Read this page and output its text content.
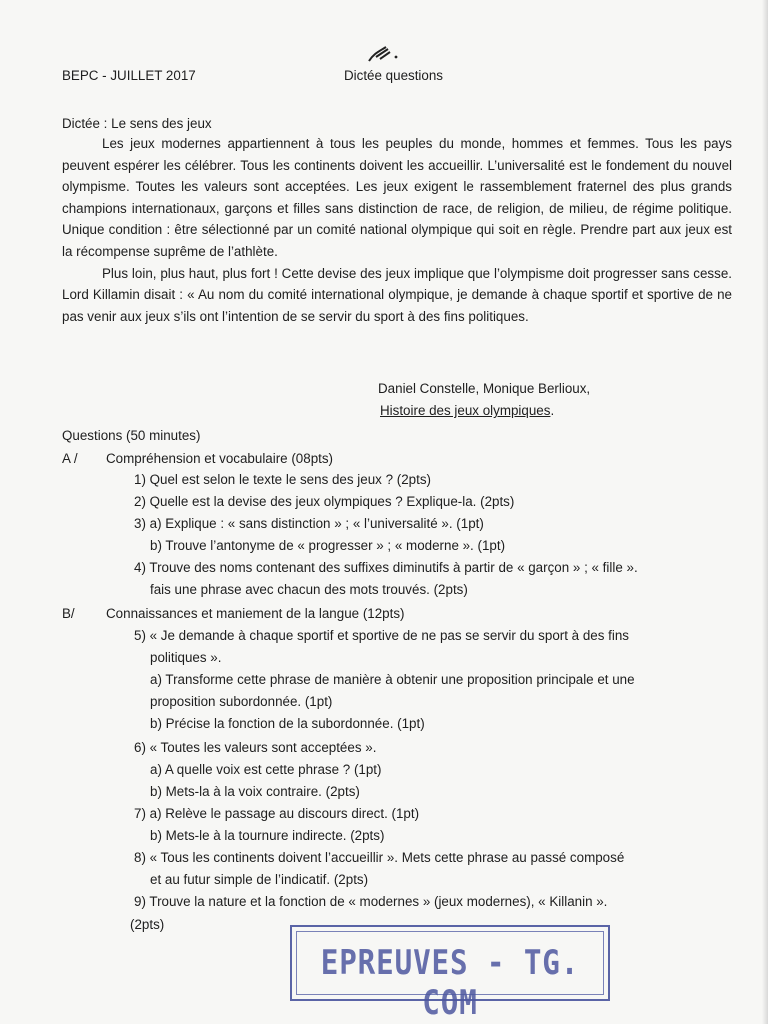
BEPC - JUILLET 2017	Dictée questions
Dictée : Le sens des jeux

Les jeux modernes appartiennent à tous les peuples du monde, hommes et femmes. Tous les pays peuvent espérer les célébrer. Tous les continents doivent les accueillir. L’universalité est le fondement du nouvel olympisme. Toutes les valeurs sont acceptées. Les jeux exigent le rassemblement fraternel des plus grands champions internationaux, garçons et filles sans distinction de race, de religion, de milieu, de régime politique. Unique condition : être sélectionné par un comité national olympique qui soit en règle. Prendre part aux jeux est la récompense suprême de l’athlète.

Plus loin, plus haut, plus fort ! Cette devise des jeux implique que l’olympisme doit progresser sans cesse. Lord Killamin disait : « Au nom du comité international olympique, je demande à chaque sportif et sportive de ne pas venir aux jeux s’ils ont l’intention de se servir du sport à des fins politiques.

Daniel Constelle, Monique Berlioux,
Histoire des jeux olympiques.
Questions (50 minutes)
A / Compréhension et vocabulaire (08pts)
1) Quel est selon le texte le sens des jeux ? (2pts)
2) Quelle est la devise des jeux olympiques ? Explique-la. (2pts)
3) a) Explique : « sans distinction » ; « l’universalité ». (1pt)
b) Trouve l’antonyme de « progresser » ; « moderne ». (1pt)
4) Trouve des noms contenant des suffixes diminutifs à partir de « garçon » ; « fille ».
fais une phrase avec chacun des mots trouvés. (2pts)
B/ Connaissances et maniement de la langue (12pts)
5) « Je demande à chaque sportif et sportive de ne pas se servir du sport à des fins
politiques ».
a) Transforme cette phrase de manière à obtenir une proposition principale et une
proposition subordonnée. (1pt)
b) Précise la fonction de la subordonnée. (1pt)
6) « Toutes les valeurs sont acceptées ».
a) A quelle voix est cette phrase ? (1pt)
b) Mets-la à la voix contraire. (2pts)
7) a) Relève le passage au discours direct. (1pt)
b) Mets-le à la tournure indirecte. (2pts)
8) « Tous les continents doivent l’accueillir ». Mets cette phrase au passé composé
et au futur simple de l’indicatif. (2pts)
9) Trouve la nature et la fonction de « modernes » (jeux modernes), « Killanin ».
(2pts)
EPREUVES - TG. COM
